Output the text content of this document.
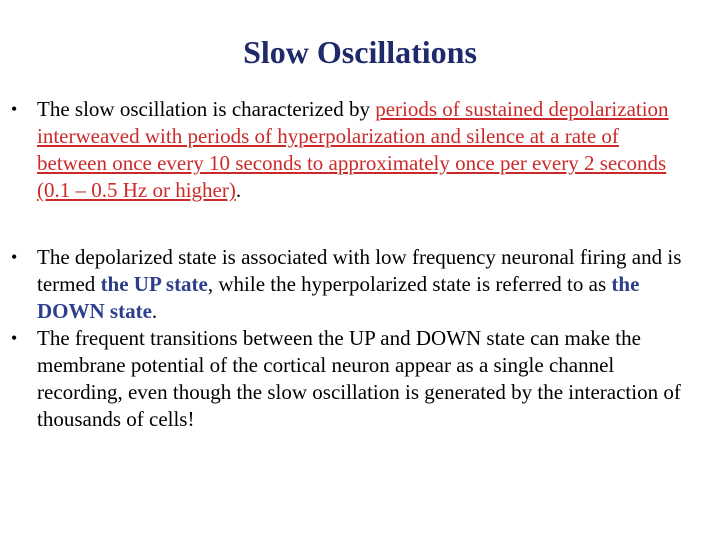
Slow Oscillations
• The slow oscillation is characterized by periods of sustained depolarization interweaved with periods of hyperpolarization and silence at a rate of between once every 10 seconds to approximately once per every 2 seconds (0.1 – 0.5 Hz or higher).
• The depolarized state is associated with low frequency neuronal firing and is termed the UP state, while the hyperpolarized state is referred to as the DOWN state.
• The frequent transitions between the UP and DOWN state can make the membrane potential of the cortical neuron appear as a single channel recording, even though the slow oscillation is generated by the interaction of thousands of cells!
